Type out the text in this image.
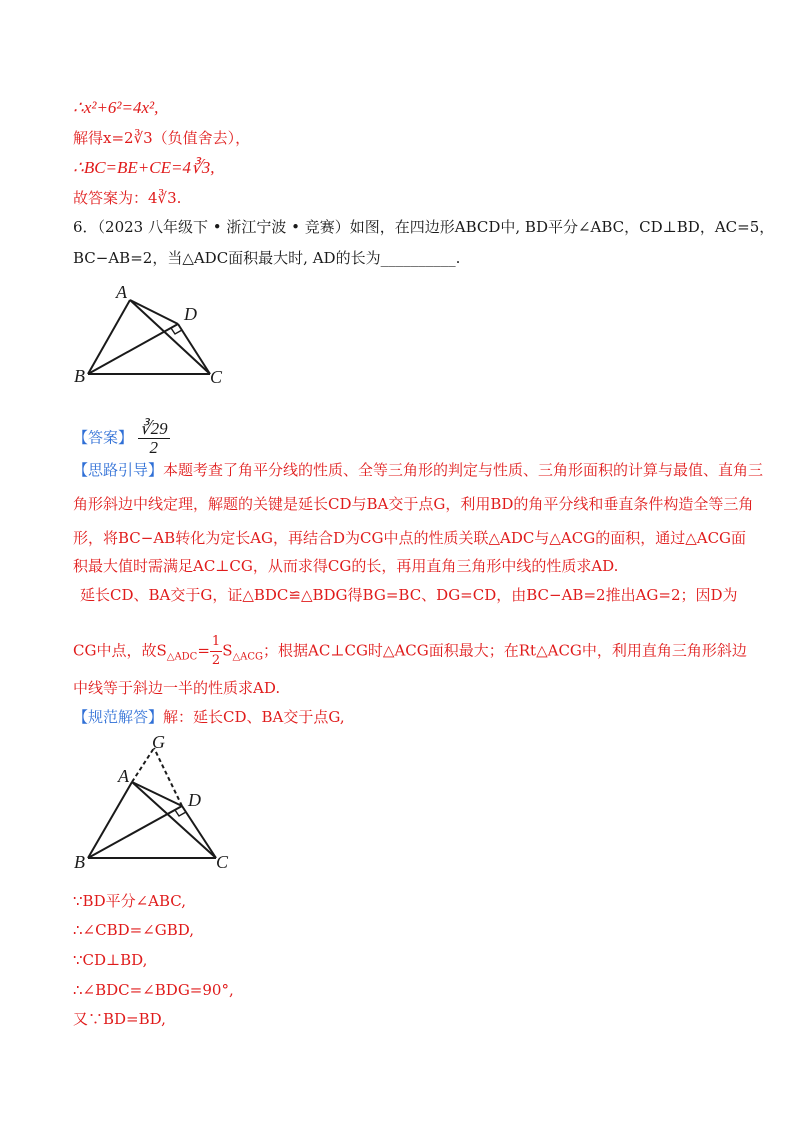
∴x²+6²=4x²,
解得x=2∛3（负值舍去），
∴BC=BE+CE=4∛3,
故答案为：4∛3.
6．（2023 八年级下 • 浙江宁波 • 竞赛）如图，在四边形ABCD中, BD平分∠ABC，CD⊥BD，AC=5，
BC−AB=2，当△ADC面积最大时, AD的长为__________.
A
B	C
D
【答案】 $\frac{∛29}{2}$
【思路引导】本题考查了角平分线的性质、全等三角形的判定与性质、三角形面积的计算与最值、直角三
角形斜边中线定理，解题的关键是延长CD与BA交于点G，利用BD的角平分线和垂直条件构造全等三角
形，将BC−AB转化为定长AG，再结合D为CG中点的性质关联△ADC与△ACG的面积，通过△ACG面
积最大值时需满足AC⊥CG，从而求得CG的长，再用直角三角形中线的性质求AD.
延长CD、BA交于G，证△BDC≌△BDG得BG=BC、DG=CD，由BC−AB=2推出AG=2；因D为
CG中点，故$S_{\triangle ADC}= \frac{1}{2} S_{\triangle ACG}$；根据AC⊥CG时△ACG面积最大；在Rt△ACG中，利用直角三角形斜边
中线等于斜边一半的性质求AD.
【规范解答】解：延长CD、BA交于点G,
G
A
B	C
D
∵BD平分∠ABC,
∴∠CBD=∠GBD,
∵CD⊥BD,
∴∠BDC=∠BDG=90°,
又∵BD=BD,
